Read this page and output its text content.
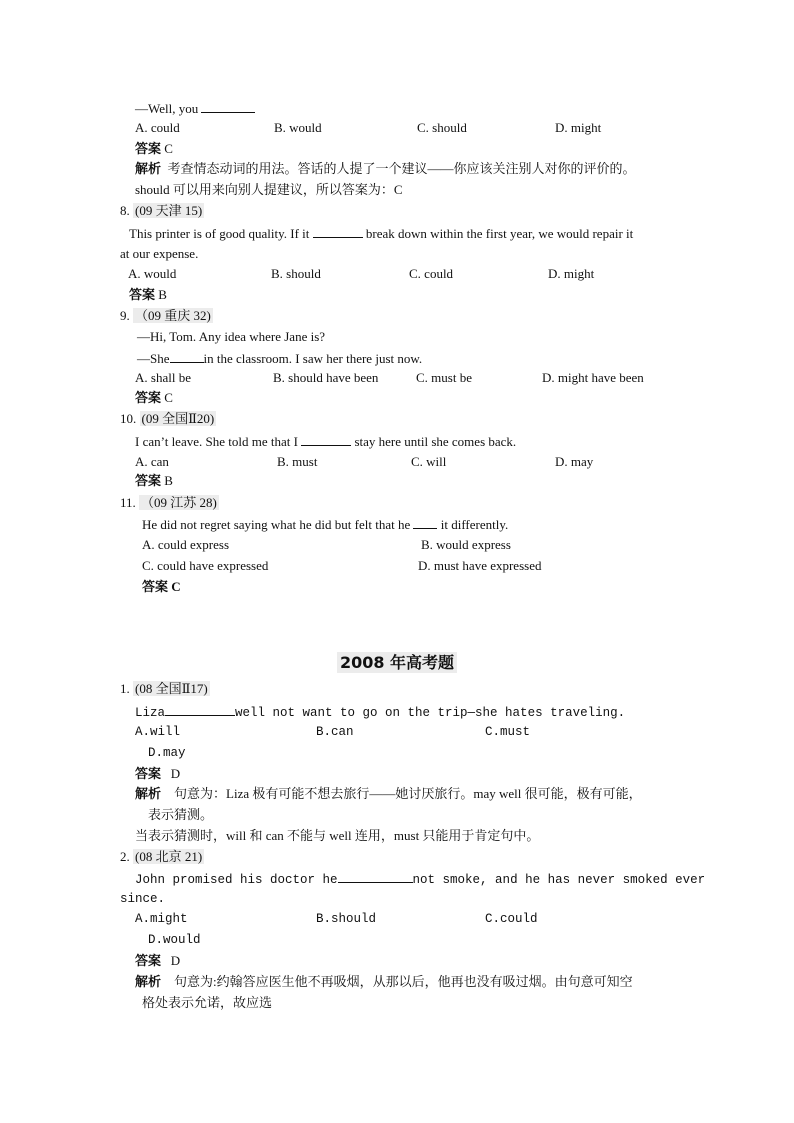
—Well, you
A. could	B. would	C. should	D. might
答案 C
解析 考查情态动词的用法。答话的人提了一个建议——你应该关注别人对你的评价的。
should 可以用来向别人提建议，所以答案为：C
8. (09 天津 15)
This printer is of good quality. If it	break down within the first year, we would repair it
at our expense.
A. would	B. should	C. could	D. might
答案 B
9. （09 重庆 32)
—Hi, Tom. Any idea where Jane is?
—She	in the classroom. I saw her there just now.
A. shall be	B. should have been	C. must be	D. might have been
答案 C
10. (09 全国Ⅱ20)
I can’t leave. She told me that I	stay here until she comes back.
A. can	B. must	C. will	D. may
答案 B
11. （09 江苏 28)
He did not regret saying what he did but felt that he  it differently.
A. could express	B. would express
C. could have expressed	D. must have expressed
答案 C
2008 年高考题
1. (08 全国Ⅱ17)
Liza	well not want to go on the trip—she hates traveling.
A.will	B.can	C.must
D.may
答案 D
解析 句意为：Liza 极有可能不想去旅行——她讨厌旅行。may well 很可能，极有可能，
表示猜测。
当表示猜测时，will 和 can 不能与 well 连用，must 只能用于肯定句中。
2. (08 北京 21)
John promised his doctor he	not smoke, and he has never smoked ever
since.
A.might	B.should	C.could
D.would
答案 D
解析 句意为:约翰答应医生他不再吸烟，从那以后，他再也没有吸过烟。由句意可知空
格处表示允诺，故应选
